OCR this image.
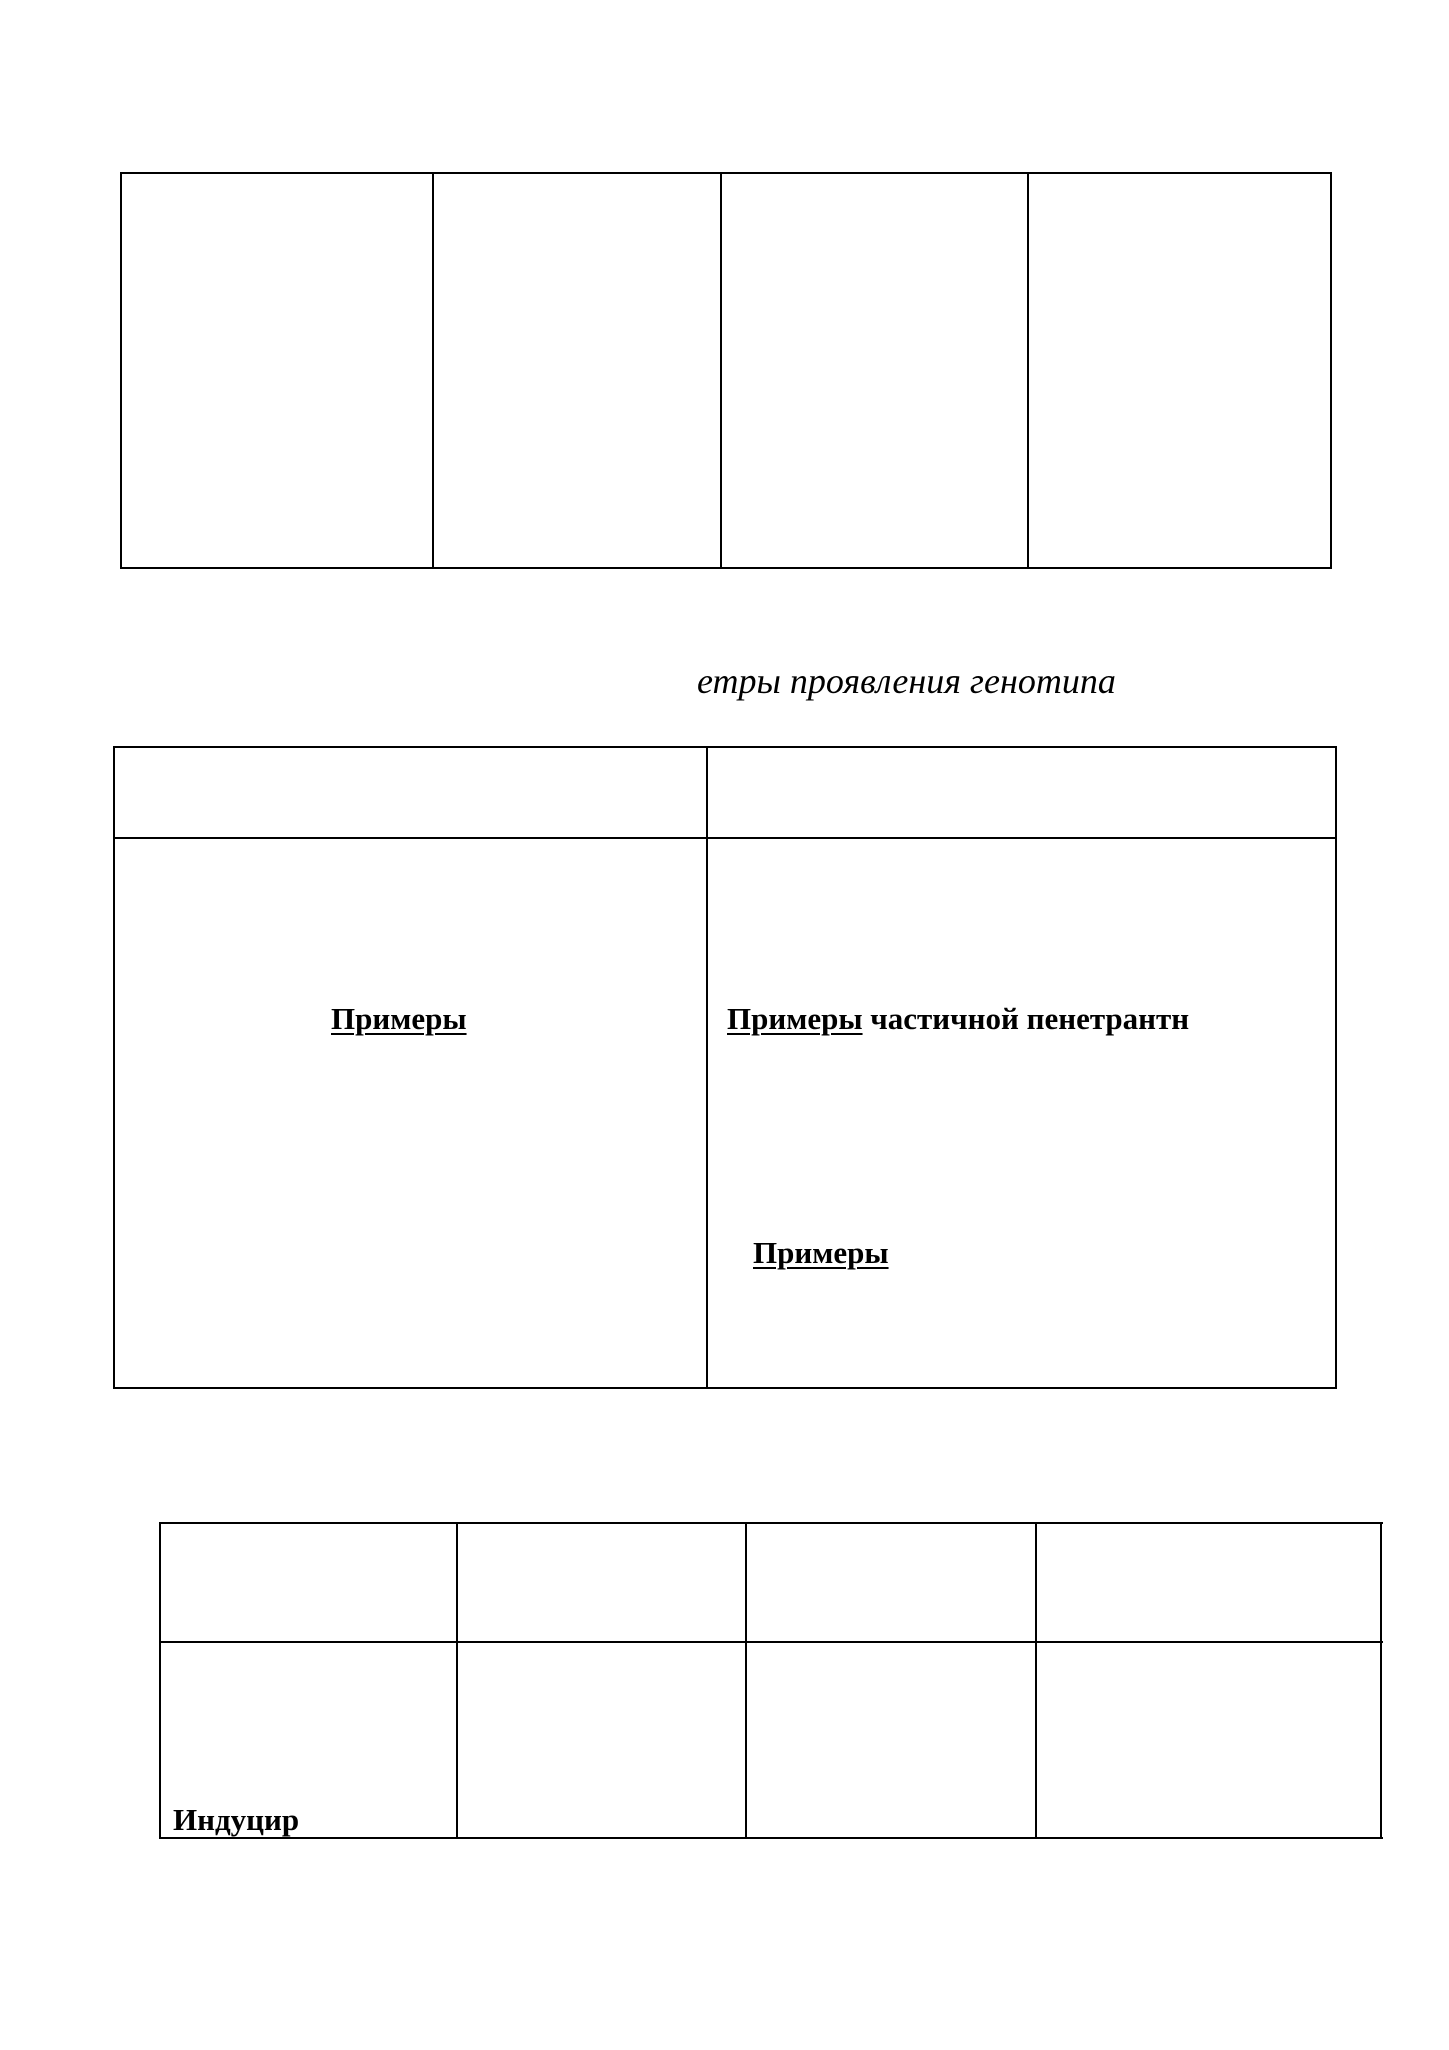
етры проявления генотипа
Примеры	Примеры частичной пенетрантн
Примеры
Индуцир
